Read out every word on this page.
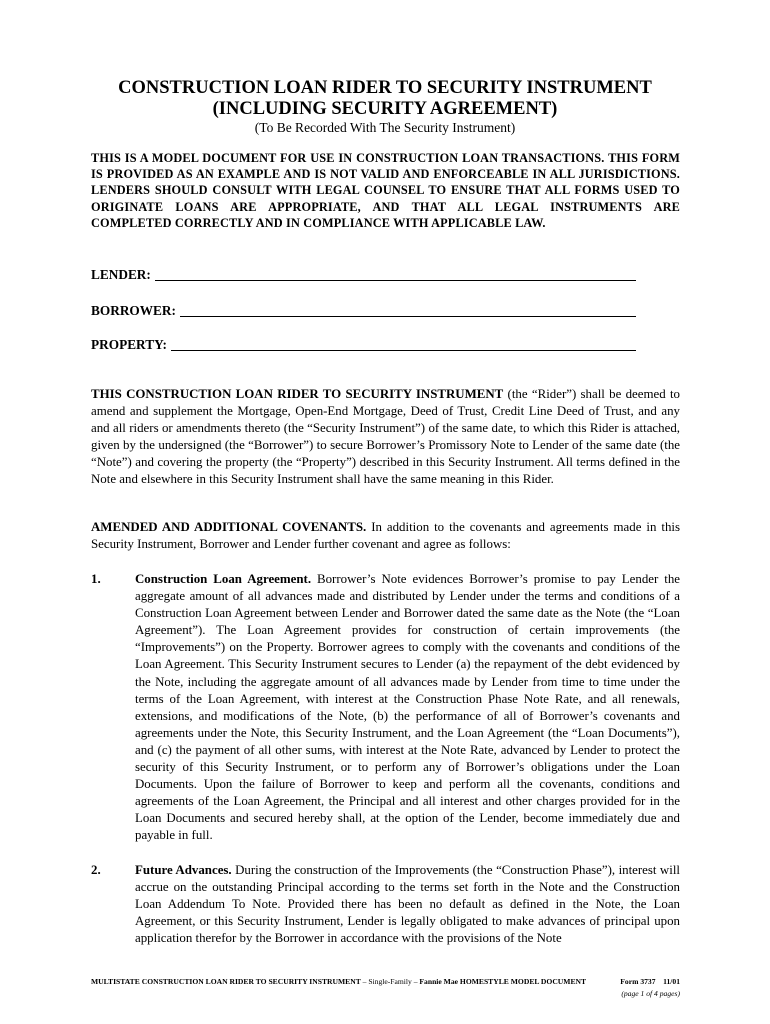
CONSTRUCTION LOAN RIDER TO SECURITY INSTRUMENT
(INCLUDING SECURITY AGREEMENT)
(To Be Recorded With The Security Instrument)
THIS IS A MODEL DOCUMENT FOR USE IN CONSTRUCTION LOAN TRANSACTIONS. THIS FORM IS PROVIDED AS AN EXAMPLE AND IS NOT VALID AND ENFORCEABLE IN ALL JURISDICTIONS. LENDERS SHOULD CONSULT WITH LEGAL COUNSEL TO ENSURE THAT ALL FORMS USED TO ORIGINATE LOANS ARE APPROPRIATE, AND THAT ALL LEGAL INSTRUMENTS ARE COMPLETED CORRECTLY AND IN COMPLIANCE WITH APPLICABLE LAW.
LENDER:
BORROWER:
PROPERTY:
THIS CONSTRUCTION LOAN RIDER TO SECURITY INSTRUMENT (the “Rider”) shall be deemed to amend and supplement the Mortgage, Open-End Mortgage, Deed of Trust, Credit Line Deed of Trust, and any and all riders or amendments thereto (the “Security Instrument”) of the same date, to which this Rider is attached, given by the undersigned (the “Borrower”) to secure Borrower’s Promissory Note to Lender of the same date (the “Note”) and covering the property (the “Property”) described in this Security Instrument. All terms defined in the Note and elsewhere in this Security Instrument shall have the same meaning in this Rider.
AMENDED AND ADDITIONAL COVENANTS. In addition to the covenants and agreements made in this Security Instrument, Borrower and Lender further covenant and agree as follows:
1.	Construction Loan Agreement. Borrower’s Note evidences Borrower’s promise to pay Lender the aggregate amount of all advances made and distributed by Lender under the terms and conditions of a Construction Loan Agreement between Lender and Borrower dated the same date as the Note (the “Loan Agreement”). The Loan Agreement provides for construction of certain improvements (the “Improvements”) on the Property. Borrower agrees to comply with the covenants and conditions of the Loan Agreement. This Security Instrument secures to Lender (a) the repayment of the debt evidenced by the Note, including the aggregate amount of all advances made by Lender from time to time under the terms of the Loan Agreement, with interest at the Construction Phase Note Rate, and all renewals, extensions, and modifications of the Note, (b) the performance of all of Borrower’s covenants and agreements under the Note, this Security Instrument, and the Loan Agreement (the “Loan Documents”), and (c) the payment of all other sums, with interest at the Note Rate, advanced by Lender to protect the security of this Security Instrument, or to perform any of Borrower’s obligations under the Loan Documents. Upon the failure of Borrower to keep and perform all the covenants, conditions and agreements of the Loan Agreement, the Principal and all interest and other charges provided for in the Loan Documents and secured hereby shall, at the option of the Lender, become immediately due and payable in full.
2.	Future Advances. During the construction of the Improvements (the “Construction Phase”), interest will accrue on the outstanding Principal according to the terms set forth in the Note and the Construction Loan Addendum To Note. Provided there has been no default as defined in the Note, the Loan Agreement, or this Security Instrument, Lender is legally obligated to make advances of principal upon application therefor by the Borrower in accordance with the provisions of the Note
MULTISTATE CONSTRUCTION LOAN RIDER TO SECURITY INSTRUMENT – Single-Family – Fannie Mae HOMESTYLE MODEL DOCUMENT	Form 3737    11/01
(page 1 of 4 pages)
